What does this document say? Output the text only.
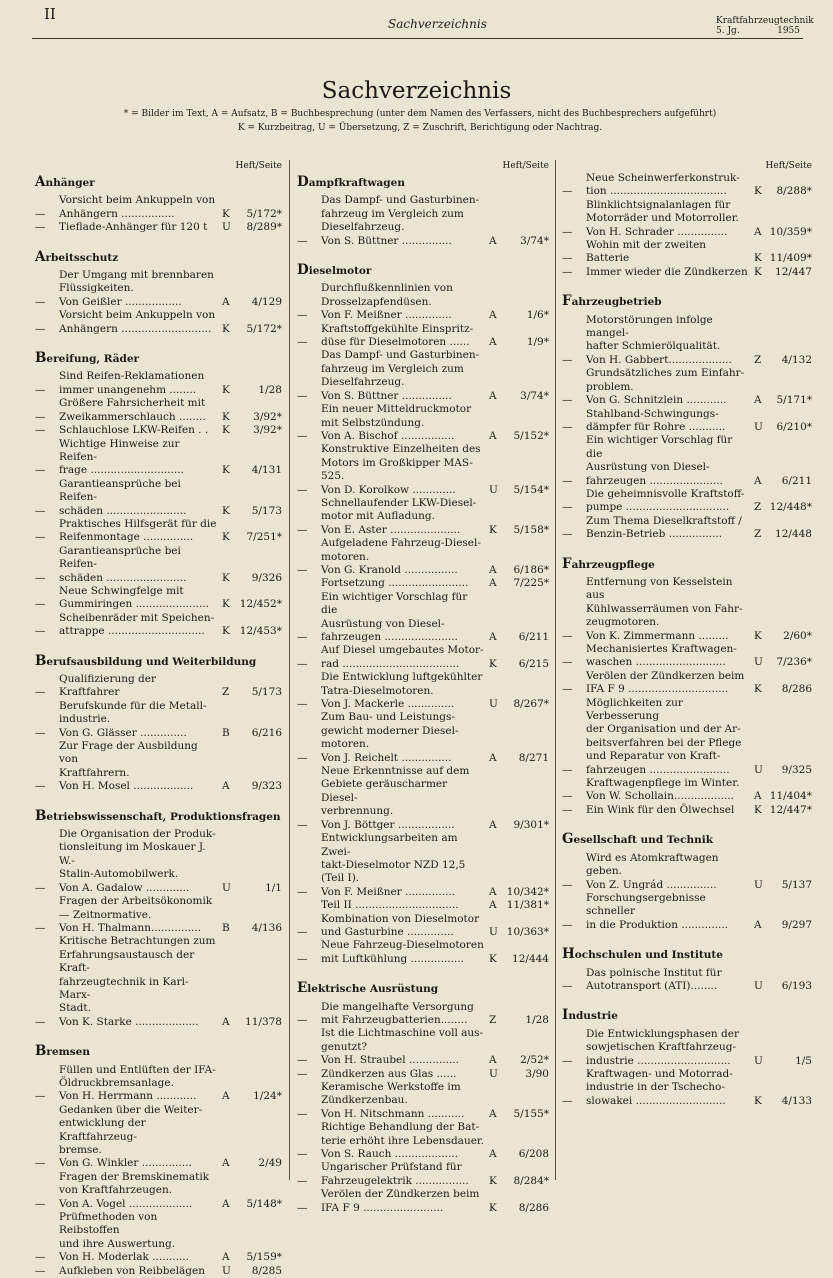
II
Sachverzeichnis	Kraftfahrzeugtechnik
5. Jg.	1955
Sachverzeichnis
* = Bilder im Text, A = Aufsatz, B = Buchbesprechung (unter dem Namen des Verfassers, nicht des Buchbesprechers aufgeführt)
K = Kurzbeitrag, U = Übersetzung, Z = Zuschrift, Berichtigung oder Nachtrag.
Heft/Seite
Anhänger
—
Vorsicht beim Ankuppeln von
Anhängern ................	K 5/172*
—	Tieflade-Anhänger für 120 t	U 8/289*
Arbeitsschutz
—
Der Umgang mit brennbaren
Flüssigkeiten.
Von Geißler .................	A 4/129
—
Vorsicht beim Ankuppeln von
Anhängern ...........................	K 5/172*
Bereifung, Räder
—
Sind Reifen-Reklamationen
immer unangenehm ........	K	1/28
—
Größere Fahrsicherheit mit
Zweikammerschlauch ........	K 3/92*
—	Schlauchlose LKW-Reifen . .	K 3/92*
—
Wichtige Hinweise zur Reifen-
frage ............................	K 4/131
—
Garantieansprüche bei Reifen-
schäden ........................	K 5/173
—
Praktisches Hilfsgerät für die
Reifenmontage ...............	K 7/251*
—
Garantieansprüche bei Reifen-
schäden ........................	K 9/326
—
Neue Schwingfelge mit
Gummiringen ......................	K 12/452*
—
Scheibenräder mit Speichen-
attrappe .............................	K 12/453*
Berufsausbildung und Weiterbildung
—
Qualifizierung der Kraftfahrer	Z 5/173
—
Berufskunde für die Metall-
industrie.
Von G. Glässer ..............	B 6/216
—
Zur Frage der Ausbildung von
Kraftfahrern.
Von H. Mosel ..................	A 9/323
Betriebswissenschaft, Produktionsfragen
—
Die Organisation der Produk-
tionsleitung im Moskauer J. W.-
Stalin-Automobilwerk.
Von A. Gadalow .............	U	1/1
—
Fragen der Arbeitsökonomik
— Zeitnormative.
Von H. Thalmann...............	B 4/136
—
Kritische Betrachtungen zum
Erfahrungsaustausch der Kraft-
fahrzeugtechnik in Karl-Marx-
Stadt.
Von K. Starke ...................	A 11/378
Bremsen
—
Füllen und Entlüften der IFA-
Öldruckbremsanlage.
Von H. Herrmann ............	A 1/24*
—
Gedanken über die Weiter-
entwicklung der Kraftfahrzeug-
bremse.
Von G. Winkler ...............	A	2/49
—
Fragen der Bremskinematik
von Kraftfahrzeugen.
Von A. Vogel ...................	A 5/148*
—
Prüfmethoden von Reibstoffen
und ihre Auswertung.
Von H. Moderlak ...........	A 5/159*
—	Aufkleben von Reibbelägen	U 8/285
Heft/Seite
Dampfkraftwagen
—
Das Dampf- und Gasturbinen-
fahrzeug im Vergleich zum
Dieselfahrzeug.
Von S. Büttner ...............	A 3/74*
Dieselmotor
—
Durchflußkennlinien von
Drosselzapfendüsen.
Von F. Meißner ..............	A	1/6*
—
Kraftstoffgekühlte Einspritz-
düse für Dieselmotoren ......	A	1/9*
—
Das Dampf- und Gasturbinen-
fahrzeug im Vergleich zum
Dieselfahrzeug.
Von S. Büttner ...............	A 3/74*
—
Ein neuer Mitteldruckmotor
mit Selbstzündung.
Von A. Bischof ................	A 5/152*
—
Konstruktive Einzelheiten des
Motors im Großkipper MAS-525.
Von D. Korolkow .............	U 5/154*
—
Schnellaufender LKW-Diesel-
motor mit Aufladung.
Von E. Aster .....................	K 5/158*
—
Aufgeladene Fahrzeug-Diesel-
motoren.
Von G. Kranold ................	A 6/186*
Fortsetzung ........................	A 7/225*
—
Ein wichtiger Vorschlag für die
Ausrüstung von Diesel-
fahrzeugen ......................	A 6/211
—
Auf Diesel umgebautes Motor-
rad ...................................	K 6/215
—
Die Entwicklung luftgekühlter
Tatra-Dieselmotoren.
Von J. Mackerle ..............	U 8/267*
—
Zum Bau- und Leistungs-
gewicht moderner Diesel-
motoren.
Von J. Reichelt ...............	A 8/271
—
Neue Erkenntnisse auf dem
Gebiete geräuscharmer Diesel-
verbrennung.
Von J. Böttger .................	A 9/301*
—
Entwicklungsarbeiten am Zwei-
takt-Dieselmotor NZD 12,5
(Teil I).
Von F. Meißner ...............	A 10/342*
Teil II ...............................	A 11/381*
—
Kombination von Dieselmotor
und Gasturbine ..............	U 10/363*
—
Neue Fahrzeug-Dieselmotoren
mit Luftkühlung ................	K 12/444
Elektrische Ausrüstung
—
Die mangelhafte Versorgung
mit Fahrzeugbatterien........	Z	1/28
—
Ist die Lichtmaschine voll aus-
genutzt?
Von H. Straubel ...............	A 2/52*
—	Zündkerzen aus Glas ......	U	3/90
—
Keramische Werkstoffe im
Zündkerzenbau.
Von H. Nitschmann ...........	A 5/155*
—
Richtige Behandlung der Bat-
terie erhöht ihre Lebensdauer.
Von S. Rauch ...................	A 6/208
—
Ungarischer Prüfstand für
Fahrzeugelektrik ................	K 8/284*
—
Verölen der Zündkerzen beim
IFA F 9 ........................	K 8/286
Heft/Seite
—
Neue Scheinwerferkonstruk-
tion ...................................	K 8/288*
—
Blinklichtsignalanlagen für
Motorräder und Motorroller.
Von H. Schrader ...............	A 10/359*
—
Wohin mit der zweiten Batterie	K 11/409*
—	Immer wieder die Zündkerzen K 12/447
Fahrzeugbetrieb
—
Motorstörungen infolge mangel-
hafter Schmierölqualität.
Von H. Gabbert...................	Z 4/132
—
Grundsätzliches zum Einfahr-
problem.
Von G. Schnitzlein ............	A 5/171*
—
Stahlband-Schwingungs-
dämpfer für Rohre ...........	U 6/210*
—
Ein wichtiger Vorschlag für die
Ausrüstung von Diesel-
fahrzeugen ......................	A 6/211
—
Die geheimnisvolle Kraftstoff-
pumpe ...............................	Z 12/448*
—
Zum Thema Dieselkraftstoff /
Benzin-Betrieb ................	Z 12/448
Fahrzeugpflege
—
Entfernung von Kesselstein aus
Kühlwasserräumen von Fahr-
zeugmotoren.
Von K. Zimmermann .........	K 2/60*
—
Mechanisiertes Kraftwagen-
waschen ...........................	U 7/236*
—
Verölen der Zündkerzen beim
IFA F 9 ..............................	K 8/286
—
Möglichkeiten zur Verbesserung
der Organisation und der Ar-
beitsverfahren bei der Pflege
und Reparatur von Kraft-
fahrzeugen ........................	U 9/325
—
Kraftwagenpflege im Winter.
Von W. Schollain..................	A 11/404*
—	Ein Wink für den Ölwechsel	K 12/447*
Gesellschaft und Technik
—
Wird es Atomkraftwagen
geben.
Von Z. Ungrád ...............	U 5/137
—
Forschungsergebnisse schneller
in die Produktion ..............	A 9/297
Hochschulen und Institute
—
Das polnische Institut für
Autotransport (ATI)........	U 6/193
Industrie
—
Die Entwicklungsphasen der
sowjetischen Kraftfahrzeug-
industrie ............................	U	1/5
—
Kraftwagen- und Motorrad-
industrie in der Tschecho-
slowakei ...........................	K 4/133
